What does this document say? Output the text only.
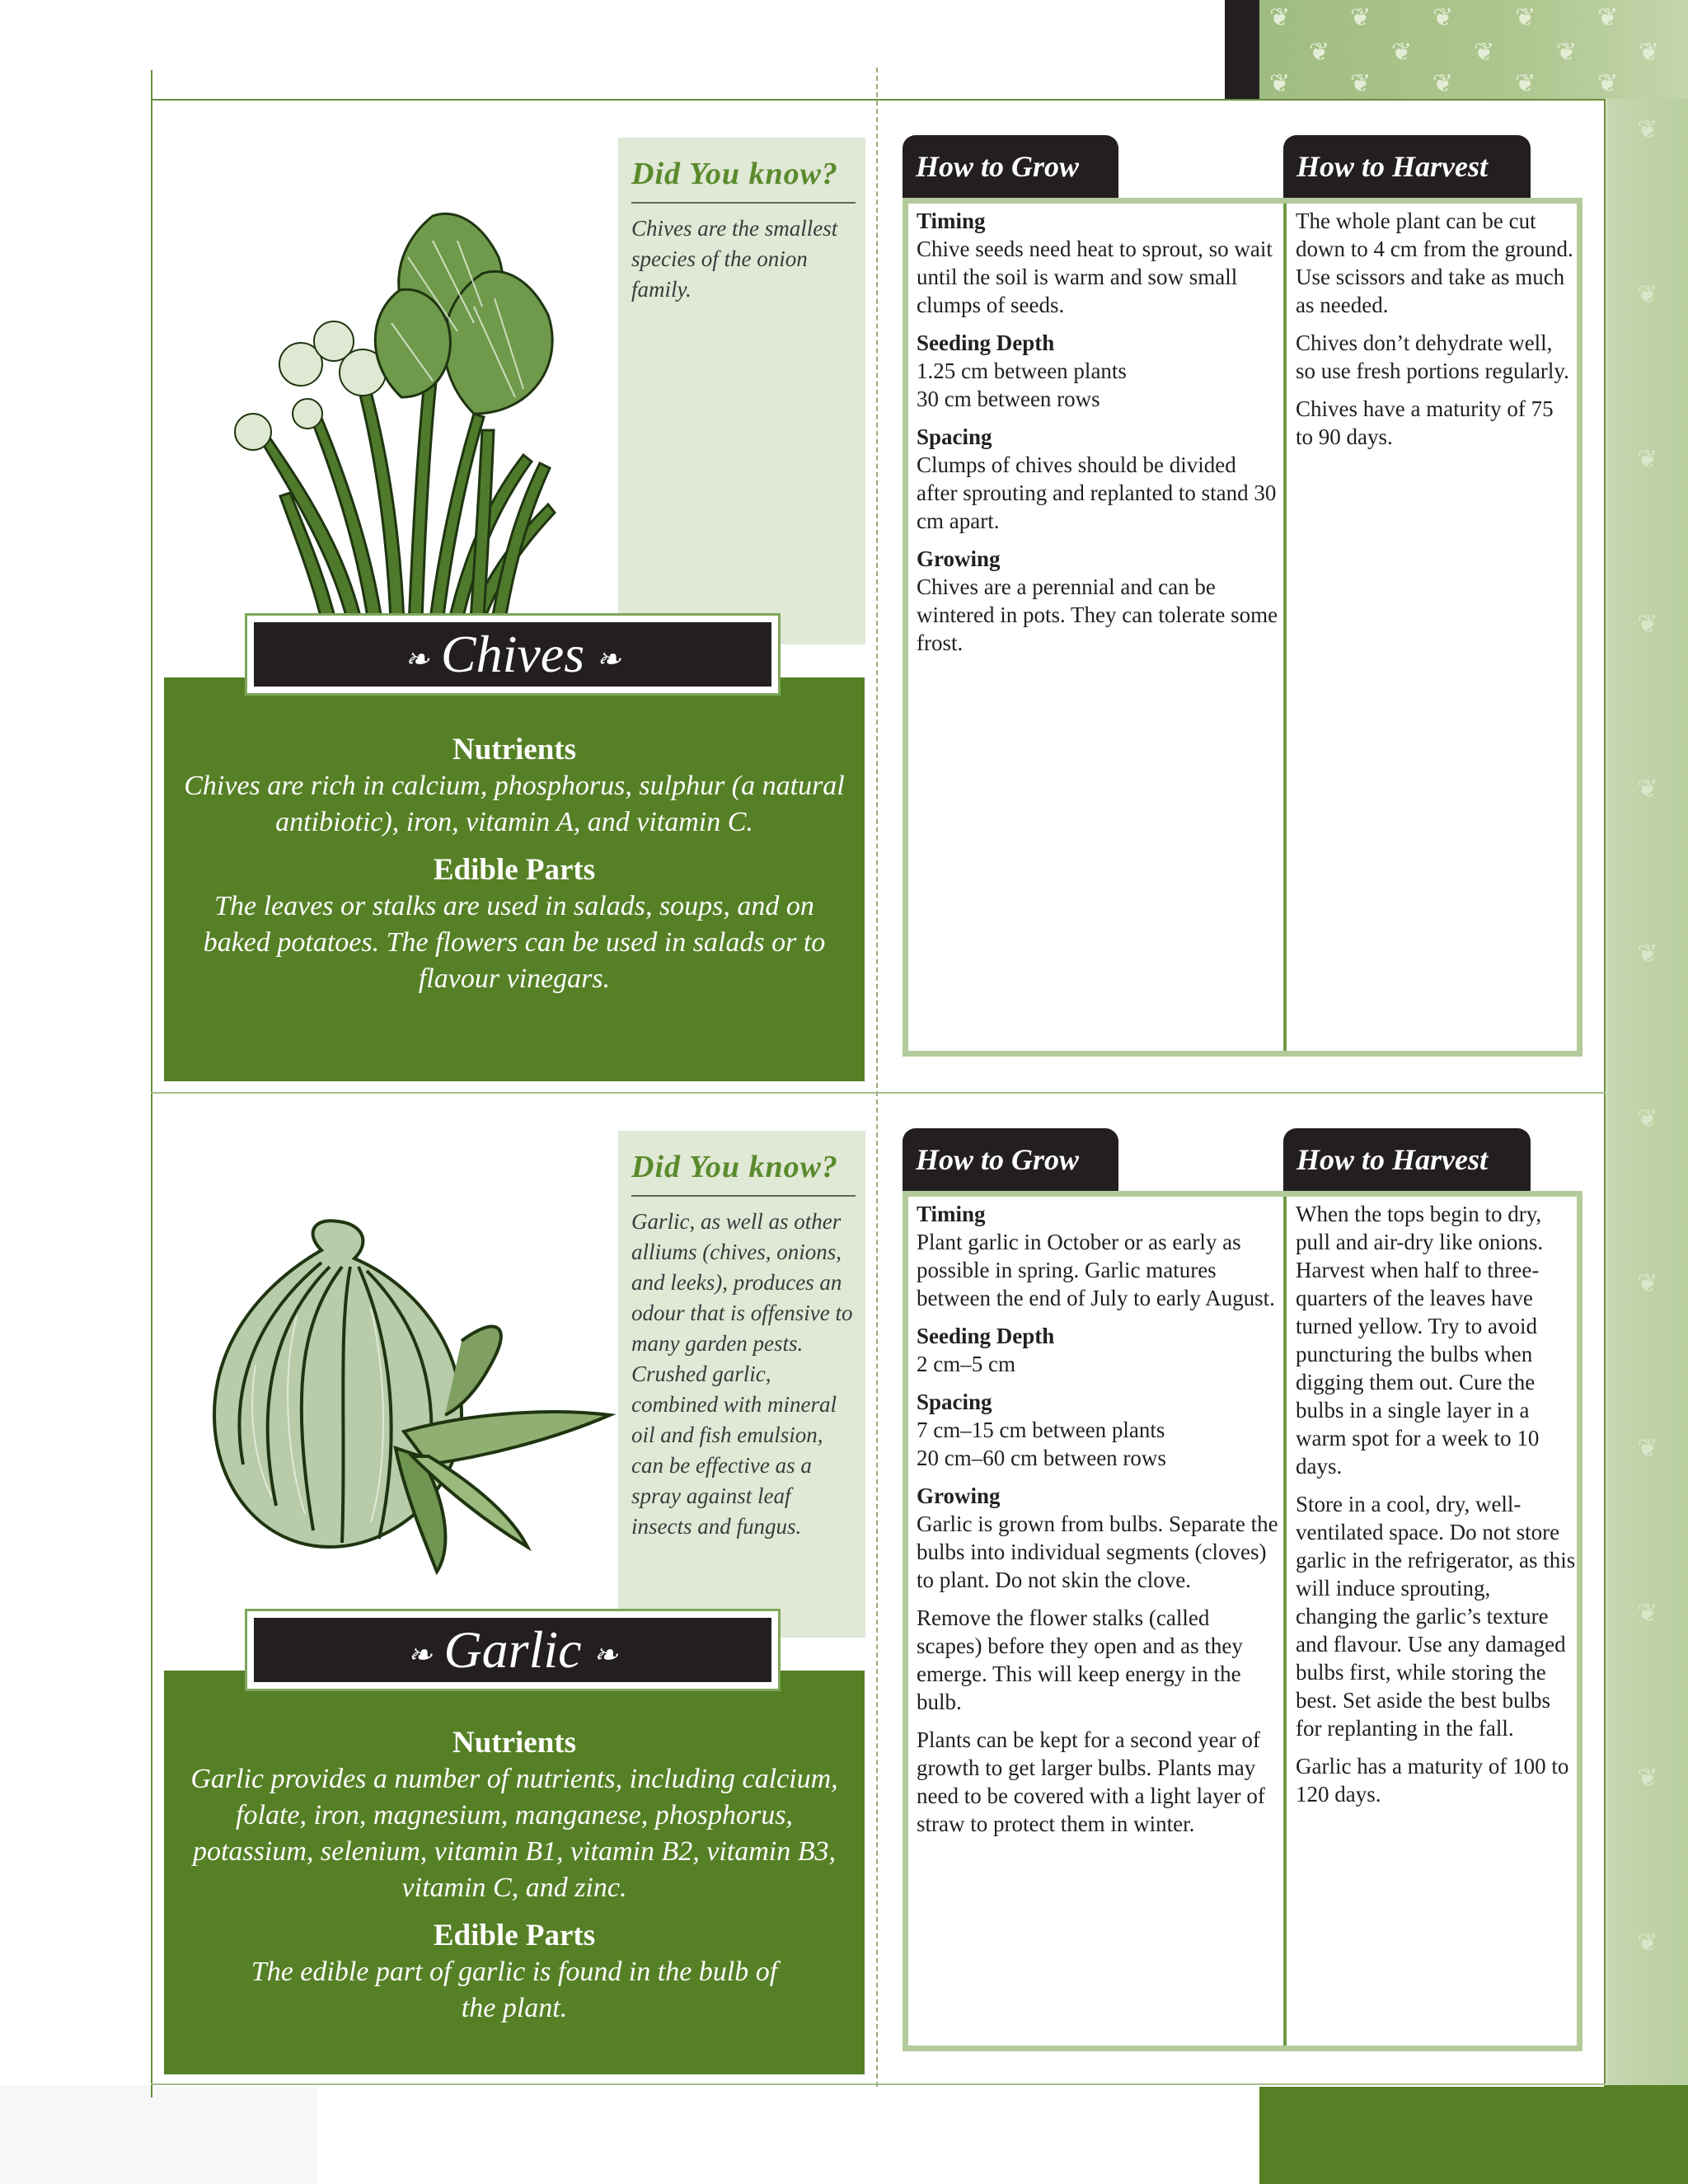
❦
❦
❦
❦
❦
❦
❦
❦
❦
❦
❦
❦
❦ ❦ ❦ ❦ ❦
❦ ❦ ❦ ❦ ❦
❦ ❦ ❦ ❦ ❦
Did You know?
Chives are the smallest species of the onion family.
Nutrients
Chives are rich in calcium, phosphorus, sulphur (a natural antibiotic), iron, vitamin A, and vitamin C.
Edible Parts
The leaves or stalks are used in salads, soups, and on baked potatoes. The flowers can be used in salads or to flavour vinegars.
❧ Chives ❧
How to Grow	How to Harvest
Timing
Chive seeds need heat to sprout, so wait until the soil is warm and sow small clumps of seeds.
Seeding Depth
1.25 cm between plants
30 cm between rows
Spacing
Clumps of chives should be divided after sprouting and replanted to stand 30 cm apart.
Growing
Chives are a perennial and can be wintered in pots. They can tolerate some frost.

The whole plant can be cut down to 4 cm from the ground. Use scissors and take as much as needed.

Chives don’t dehydrate well, so use fresh portions regularly.

Chives have a maturity of 75 to 90 days.

Did You know?
Garlic, as well as other alliums (chives, onions, and leeks), produces an odour that is offensive to many garden pests. Crushed garlic, combined with mineral oil and fish emulsion, can be effective as a spray against leaf insects and fungus.
Nutrients
Garlic provides a number of nutrients, including calcium, folate, iron, magnesium, manganese, phosphorus, potassium, selenium, vitamin B1, vitamin B2, vitamin B3, vitamin C, and zinc.
Edible Parts
The edible part of garlic is found in the bulb of the plant.
❧ Garlic ❧
How to Grow	How to Harvest
Timing
Plant garlic in October or as early as possible in spring. Garlic matures between the end of July to early August.
Seeding Depth
2 cm–5 cm
Spacing
7 cm–15 cm between plants
20 cm–60 cm between rows
Growing
Garlic is grown from bulbs. Separate the bulbs into individual segments (cloves) to plant. Do not skin the clove.
Remove the flower stalks (called scapes) before they open and as they emerge. This will keep energy in the bulb.
Plants can be kept for a second year of growth to get larger bulbs. Plants may need to be covered with a light layer of straw to protect them in winter.

When the tops begin to dry, pull and air-dry like onions. Harvest when half to three-quarters of the leaves have turned yellow. Try to avoid puncturing the bulbs when digging them out. Cure the bulbs in a single layer in a warm spot for a week to 10 days.

Store in a cool, dry, well-ventilated space. Do not store garlic in the refrigerator, as this will induce sprouting, changing the garlic’s texture and flavour. Use any damaged bulbs first, while storing the best. Set aside the best bulbs for replanting in the fall.

Garlic has a maturity of 100 to 120 days.
